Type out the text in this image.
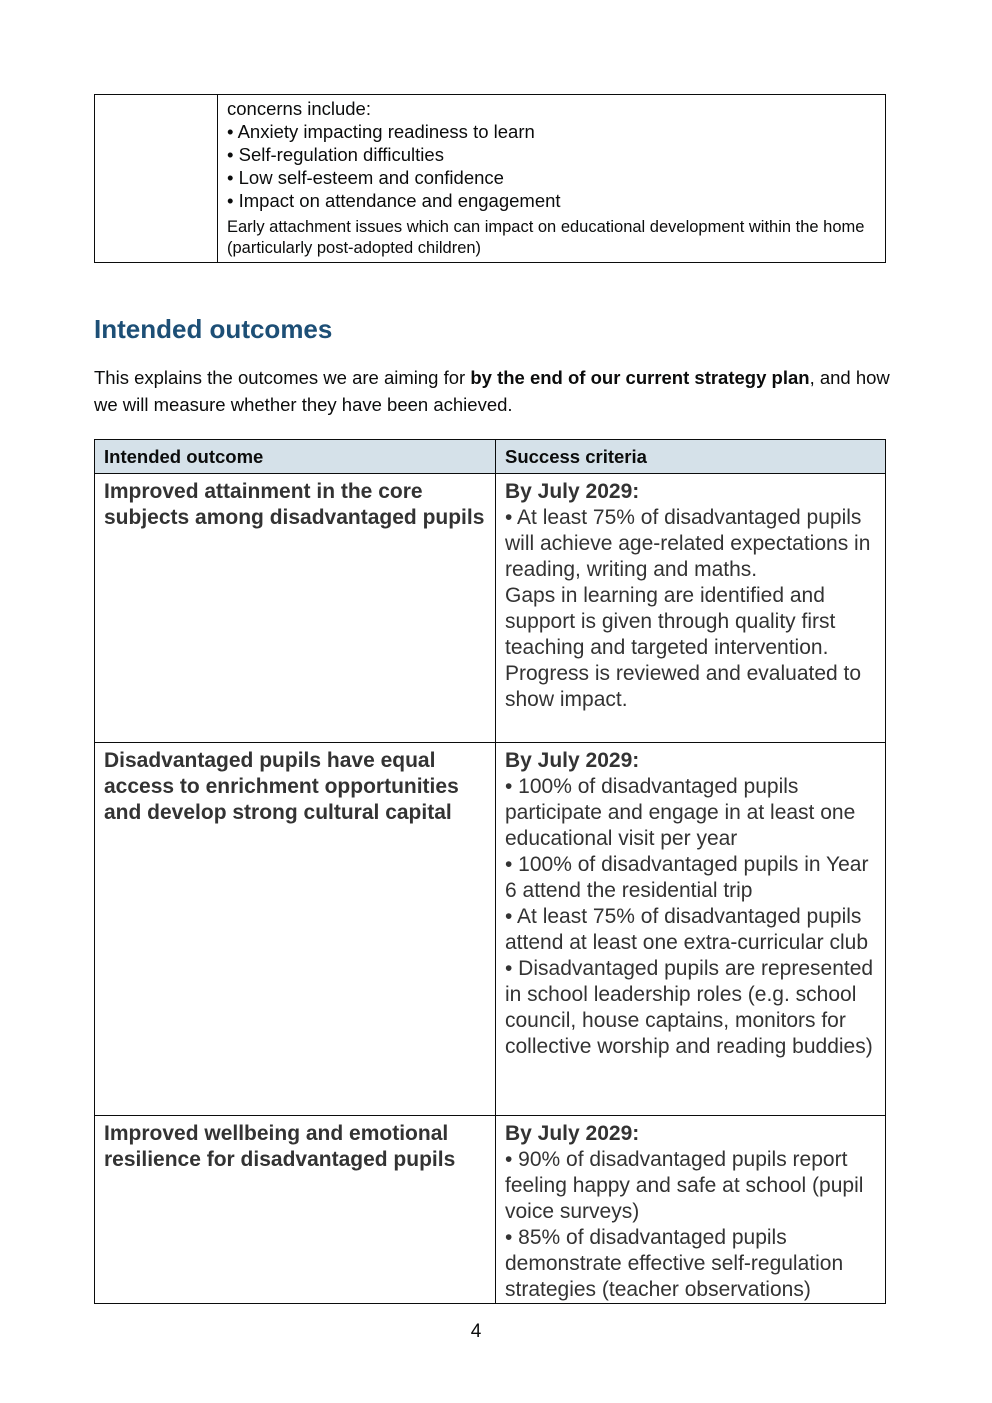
concerns include:
• Anxiety impacting readiness to learn
• Self-regulation difficulties
• Low self-esteem and confidence
• Impact on attendance and engagement
Early attachment issues which can impact on educational development within the home (particularly post-adopted children)
Intended outcomes

This explains the outcomes we are aiming for by the end of our current strategy plan, and how we will measure whether they have been achieved.

Intended outcome	Success criteria
Improved attainment in the core subjects among disadvantaged pupils	By July 2029:
• At least 75% of disadvantaged pupils will achieve age-related expectations in reading, writing and maths.
Gaps in learning are identified and support is given through quality first teaching and targeted intervention.
Progress is reviewed and evaluated to show impact.

Disadvantaged pupils have equal access to enrichment opportunities and develop strong cultural capital	By July 2029:
• 100% of disadvantaged pupils participate and engage in at least one educational visit per year
• 100% of disadvantaged pupils in Year 6 attend the residential trip
• At least 75% of disadvantaged pupils attend at least one extra-curricular club
• Disadvantaged pupils are represented in school leadership roles (e.g. school council, house captains, monitors for collective worship and reading buddies)

Improved wellbeing and emotional resilience for disadvantaged pupils	By July 2029:
• 90% of disadvantaged pupils report feeling happy and safe at school (pupil voice surveys)
• 85% of disadvantaged pupils demonstrate effective self-regulation strategies (teacher observations)
4
